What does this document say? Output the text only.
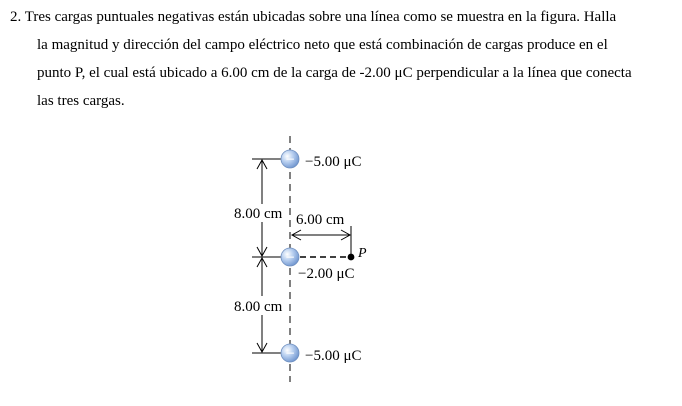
2. Tres cargas puntuales negativas están ubicadas sobre una línea como se muestra en la figura. Halla
la magnitud y dirección del campo eléctrico neto que está combinación de cargas produce en el
punto P, el cual está ubicado a 6.00 cm de la carga de -2.00 μC perpendicular a la línea que conecta
las tres cargas.
P
−
−
−
−5.00 μC
−2.00 μC
−5.00 μC
8.00 cm
8.00 cm
6.00 cm
